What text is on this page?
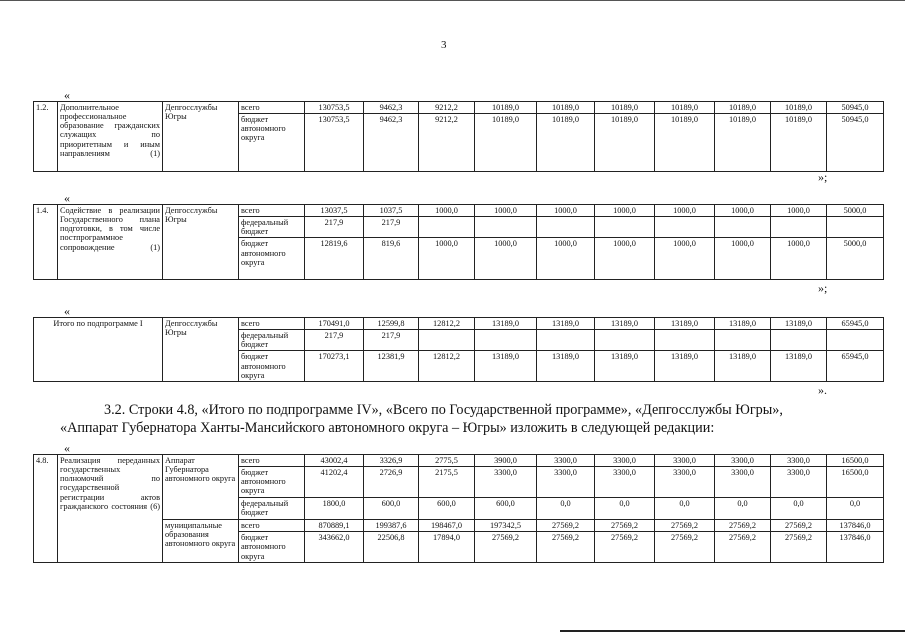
3
«
1.2.	Дополнительное профессиональное образование гражданских служащих по приоритетным и иным направлениям (1)	Депгосслужбы Югры	всего	130753,5	9462,3	9212,2	10189,0	10189,0	10189,0	10189,0	10189,0	10189,0	50945,0
			бюджет автономного округа	130753,5	9462,3	9212,2	10189,0	10189,0	10189,0	10189,0	10189,0	10189,0	50945,0
»;
«
1.4.	Содействие в реализации Государственного плана подготовки, в том числе постпрограммное сопровождение (1)	Депгосслужбы Югры	всего	13037,5	1037,5	1000,0	1000,0	1000,0	1000,0	1000,0	1000,0	1000,0	5000,0
			федеральный бюджет	217,9	217,9								
			бюджет автономного округа	12819,6	819,6	1000,0	1000,0	1000,0	1000,0	1000,0	1000,0	1000,0	5000,0
»;
«
Итого по подпрограмме I	Депгосслужбы Югры	всего	170491,0	12599,8	12812,2	13189,0	13189,0	13189,0	13189,0	13189,0	13189,0	65945,0
		федеральный бюджет	217,9	217,9								
		бюджет автономного округа	170273,1	12381,9	12812,2	13189,0	13189,0	13189,0	13189,0	13189,0	13189,0	65945,0
».
3.2. Строки 4.8, «Итого по подпрограмме IV», «Всего по Государственной программе», «Депгосслужбы Югры»,
«Аппарат Губернатора Ханты-Мансийского автономного округа – Югры» изложить в следующей редакции:
«
4.8.	Реализация переданных государственных полномочий по государственной регистрации актов гражданского состояния (6)	Аппарат Губернатора автономного округа	всего	43002,4	3326,9	2775,5	3900,0	3300,0	3300,0	3300,0	3300,0	3300,0	16500,0
			бюджет автономного округа	41202,4	2726,9	2175,5	3300,0	3300,0	3300,0	3300,0	3300,0	3300,0	16500,0
			федеральный бюджет	1800,0	600,0	600,0	600,0	0,0	0,0	0,0	0,0	0,0	0,0
		муниципальные образования автономного округа	всего	870889,1	199387,6	198467,0	197342,5	27569,2	27569,2	27569,2	27569,2	27569,2	137846,0
			бюджет автономного округа	343662,0	22506,8	17894,0	27569,2	27569,2	27569,2	27569,2	27569,2	27569,2	137846,0
